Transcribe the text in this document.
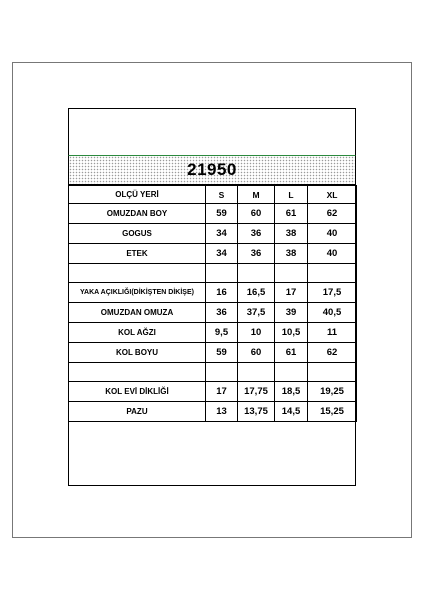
21950
OLÇÜ YERİ	S	M	L	XL
OMUZDAN BOY	59	60	61	62
GOGUS	34	36	38	40
ETEK	34	36	38	40

YAKA AÇIKLIĞI(DİKİŞTEN DİKİŞE)	16	16,5	17	17,5
OMUZDAN OMUZA	36	37,5	39	40,5
KOL AĞZI	9,5	10	10,5	11
KOL BOYU	59	60	61	62

KOL EVİ DİKLİĞİ	17	17,75	18,5	19,25
PAZU	13	13,75	14,5	15,25
